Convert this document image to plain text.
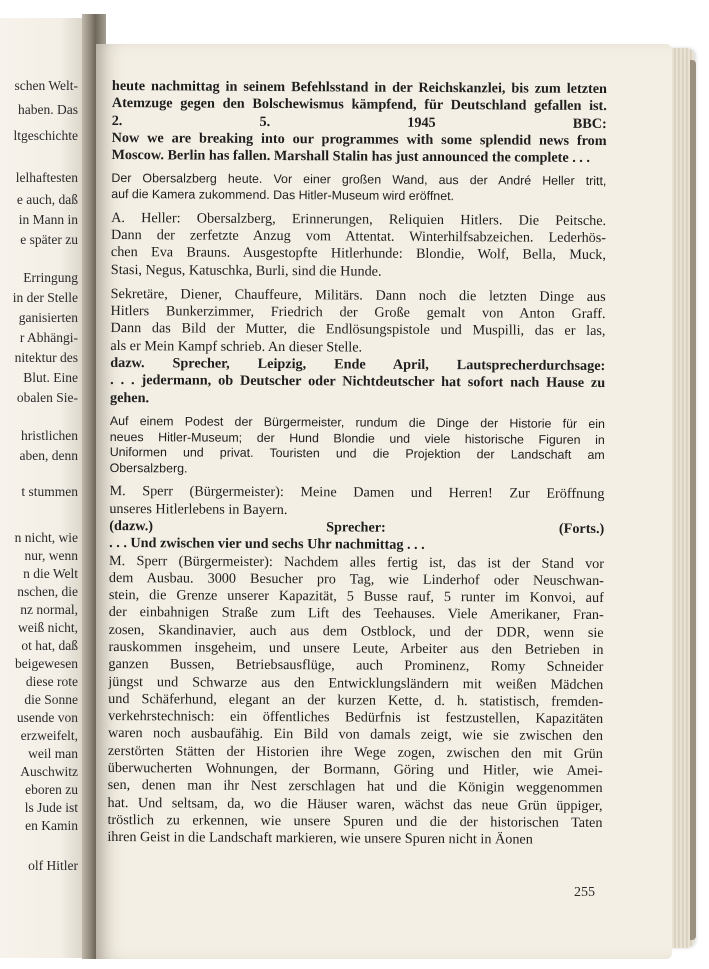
schen Welt-
haben. Das
ltgeschichte
lelhaftesten
e auch, daß
in Mann in
e später zu
Erringung
in der Stelle
ganisierten
r Abhängi-
nitektur des
Blut. Eine
obalen Sie-
hristlichen
aben, denn
t stummen
n nicht, wie
nur, wenn
n die Welt
nschen, die
nz normal,
weiß nicht,
ot hat, daß
beigewesen
diese rote
die Sonne
usende von
erzweifelt,
weil man
Auschwitz
eboren zu
ls Jude ist
en Kamin
olf Hitler
heute nachmittag in seinem Befehlsstand in der Reichskanzlei, bis zum letzten
Atemzuge gegen den Bolschewismus kämpfend, für Deutschland gefallen ist.
2. 5. 1945 BBC:
Now we are breaking into our programmes with some splendid news from
Moscow. Berlin has fallen. Marshall Stalin has just announced the complete . . .
Der Obersalzberg heute. Vor einer großen Wand, aus der André Heller tritt,
auf die Kamera zukommend. Das Hitler-Museum wird eröffnet.
A. Heller: Obersalzberg, Erinnerungen, Reliquien Hitlers. Die Peitsche.
Dann der zerfetzte Anzug vom Attentat. Winterhilfsabzeichen. Lederhös-
chen Eva Brauns. Ausgestopfte Hitlerhunde: Blondie, Wolf, Bella, Muck,
Stasi, Negus, Katuschka, Burli, sind die Hunde.
Sekretäre, Diener, Chauffeure, Militärs. Dann noch die letzten Dinge aus
Hitlers Bunkerzimmer, Friedrich der Große gemalt von Anton Graff.
Dann das Bild der Mutter, die Endlösungspistole und Muspilli, das er las,
als er Mein Kampf schrieb. An dieser Stelle.
dazw. Sprecher, Leipzig, Ende April, Lautsprecherdurchsage:
. . . jedermann, ob Deutscher oder Nichtdeutscher hat sofort nach Hause zu
gehen.
Auf einem Podest der Bürgermeister, rundum die Dinge der Historie für ein
neues Hitler-Museum; der Hund Blondie und viele historische Figuren in
Uniformen und privat. Touristen und die Projektion der Landschaft am
Obersalzberg.
M. Sperr (Bürgermeister): Meine Damen und Herren! Zur Eröffnung
unseres Hitlerlebens in Bayern.
(dazw.) Sprecher: (Forts.)
. . . Und zwischen vier und sechs Uhr nachmittag . . .
M. Sperr (Bürgermeister): Nachdem alles fertig ist, das ist der Stand vor
dem Ausbau. 3000 Besucher pro Tag, wie Linderhof oder Neuschwan-
stein, die Grenze unserer Kapazität, 5 Busse rauf, 5 runter im Konvoi, auf
der einbahnigen Straße zum Lift des Teehauses. Viele Amerikaner, Fran-
zosen, Skandinavier, auch aus dem Ostblock, und der DDR, wenn sie
rauskommen insgeheim, und unsere Leute, Arbeiter aus den Betrieben in
ganzen Bussen, Betriebsausflüge, auch Prominenz, Romy Schneider
jüngst und Schwarze aus den Entwicklungsländern mit weißen Mädchen
und Schäferhund, elegant an der kurzen Kette, d. h. statistisch, fremden-
verkehrstechnisch: ein öffentliches Bedürfnis ist festzustellen, Kapazitäten
waren noch ausbaufähig. Ein Bild von damals zeigt, wie sie zwischen den
zerstörten Stätten der Historien ihre Wege zogen, zwischen den mit Grün
überwucherten Wohnungen, der Bormann, Göring und Hitler, wie Amei-
sen, denen man ihr Nest zerschlagen hat und die Königin weggenommen
hat. Und seltsam, da, wo die Häuser waren, wächst das neue Grün üppiger,
tröstlich zu erkennen, wie unsere Spuren und die der historischen Taten
ihren Geist in die Landschaft markieren, wie unsere Spuren nicht in Äonen
255
